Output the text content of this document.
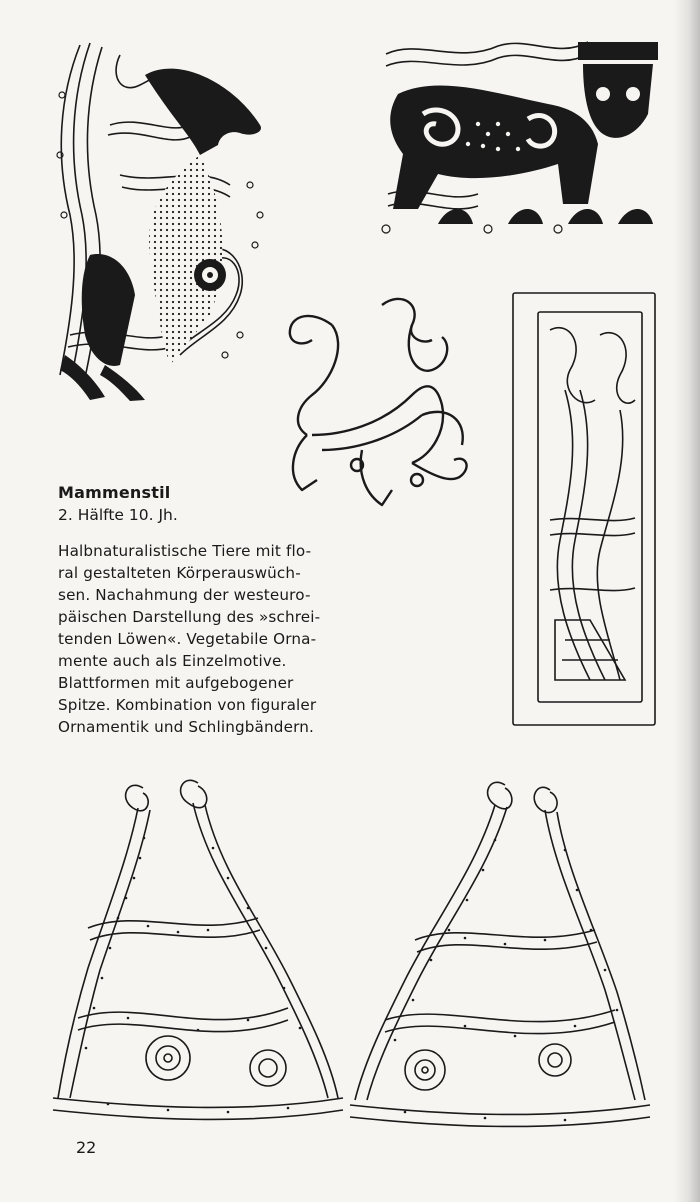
Mammenstil
2. Hälfte 10. Jh.
Halbnaturalistische Tiere mit flo-
ral gestalteten Körperauswüch-
sen. Nachahmung der westeuro-
päischen Darstellung des »schrei-
tenden Löwen«. Vegetabile Orna-
mente auch als Einzelmotive.
Blattformen mit aufgebogener
Spitze. Kombination von figuraler
Ornamentik und Schlingbändern.
22
